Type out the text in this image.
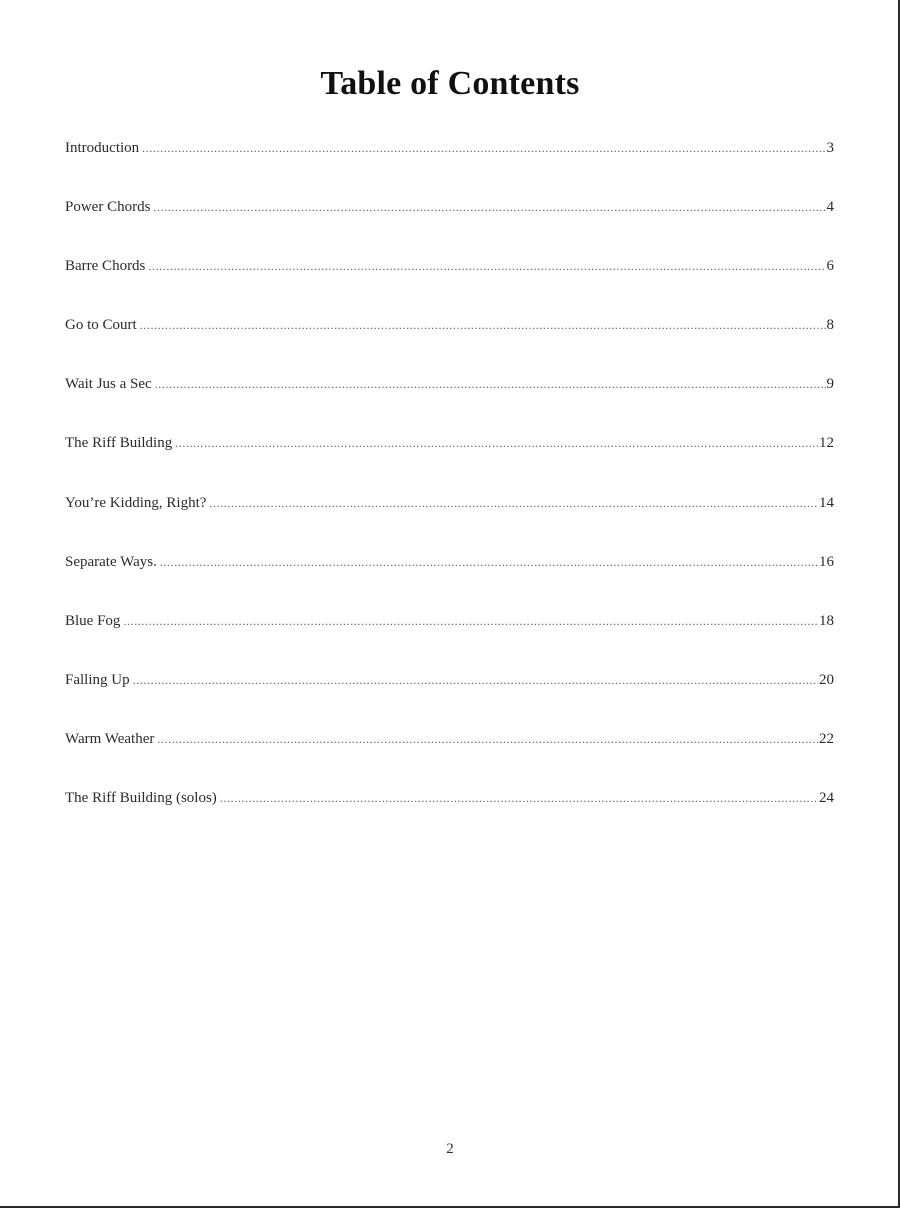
Table of Contents
Introduction .....	3
Power Chords .....	4
Barre Chords .....	6
Go to Court .....	8
Wait Jus a Sec .....	9
The Riff Building .....	12
You’re Kidding, Right? .....	14
Separate Ways. .....	16
Blue Fog .....	18
Falling Up .....	20
Warm Weather .....	22
The Riff Building (solos) .....	24
2
